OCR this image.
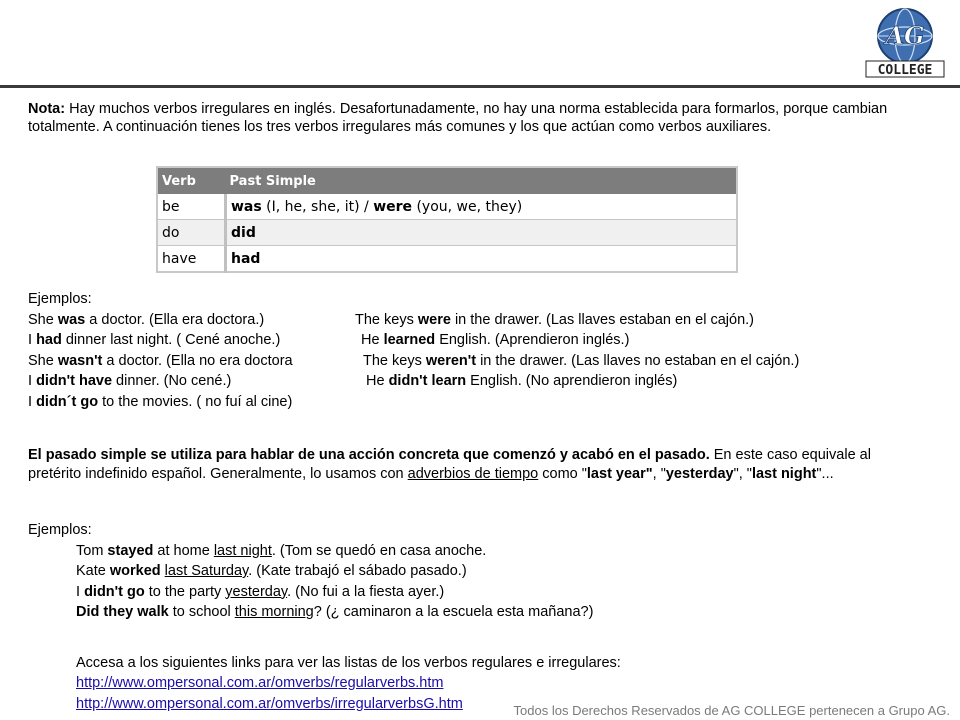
AG
COLLEGE
Nota: Hay muchos verbos irregulares en inglés. Desafortunadamente, no hay una norma establecida para formarlos, porque cambian totalmente. A continuación tienes los tres verbos irregulares más comunes y los que actúan como verbos auxiliares.
Verb	Past Simple
be	was (I, he, she, it) / were (you, we, they)
do	did
have	had
Ejemplos:
She was a doctor. (Ella era doctora.)	The keys were in the drawer. (Las llaves estaban en el cajón.)
I had dinner last night. ( Cené anoche.)	He learned English. (Aprendieron inglés.)
She wasn't a doctor. (Ella no era doctora	The keys weren't in the drawer. (Las llaves no estaban en el cajón.)
I didn't have dinner. (No cené.)	He didn't learn English. (No aprendieron inglés)
I didn´t go to the movies. ( no fuí al cine)
El pasado simple se utiliza para hablar de una acción concreta que comenzó y acabó en el pasado. En este caso equivale al pretérito indefinido español. Generalmente, lo usamos con adverbios de tiempo como "last year", "yesterday", "last night"...
Ejemplos:
Tom stayed at home last night. (Tom se quedó en casa anoche.
Kate worked last Saturday. (Kate trabajó el sábado pasado.)
I didn't go to the party yesterday. (No fui a la fiesta ayer.)
Did they walk to school this morning? (¿ caminaron a la escuela esta mañana?)
Accesa a los siguientes links para ver las listas de los verbos regulares e irregulares:
http://www.ompersonal.com.ar/omverbs/regularverbs.htm
http://www.ompersonal.com.ar/omverbs/irregularverbsG.htm	Todos los Derechos Reservados de AG COLLEGE pertenecen a Grupo AG.
